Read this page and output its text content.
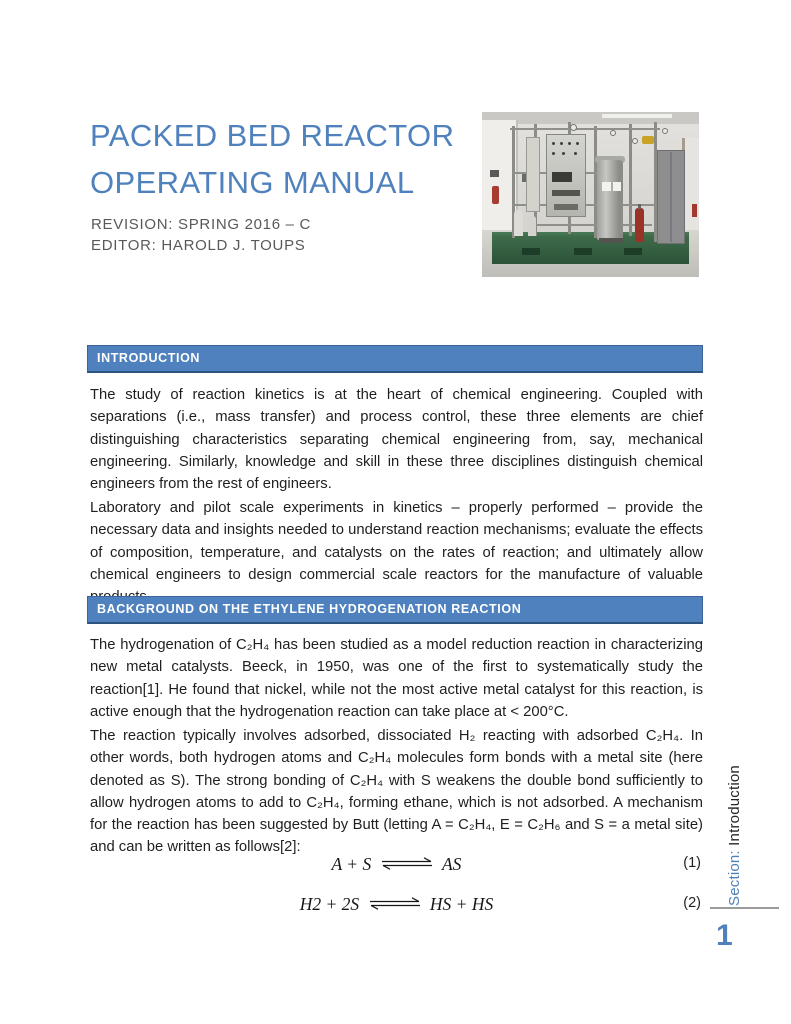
PACKED BED REACTOR
OPERATING MANUAL
REVISION: SPRING 2016 – C
EDITOR: HAROLD J. TOUPS
INTRODUCTION

The study of reaction kinetics is at the heart of chemical engineering. Coupled with separations (i.e., mass transfer) and process control, these three elements are chief distinguishing characteristics separating chemical engineering from, say, mechanical engineering. Similarly, knowledge and skill in these three disciplines distinguish chemical engineers from the rest of engineers.

Laboratory and pilot scale experiments in kinetics – properly performed – provide the necessary data and insights needed to understand reaction mechanisms; evaluate the effects of composition, temperature, and catalysts on the rates of reaction; and ultimately allow chemical engineers to design commercial scale reactors for the manufacture of valuable

BACKGROUND ON THE ETHYLENE HYDROGENATION REACTION

The hydrogenation of C₂H₄ has been studied as a model reduction reaction in characterizing new metal catalysts. Beeck, in 1950, was one of the first to systematically study the reaction[1]. He found that nickel, while not the most active metal catalyst for this reaction, is active enough that the hydrogenation reaction can take place at < 200°C.

The reaction typically involves adsorbed, dissociated H₂ reacting with adsorbed C₂H₄. In other words, both hydrogen atoms and C₂H₄ molecules form bonds with a metal site (here denoted as S). The strong bonding of C₂H₄ with S weakens the double bond sufficiently to allow hydrogen atoms to add to C₂H₄, forming ethane, which is not adsorbed. A mechanism for the reaction has been suggested by Butt (letting A = C₂H₄, E = C₂H₆ and S = a metal site) and can be written as follows[2]:

A + S ⇌ AS	(1)
H2 + 2S ⇌ HS + HS	(2) Section: Introduction
1
